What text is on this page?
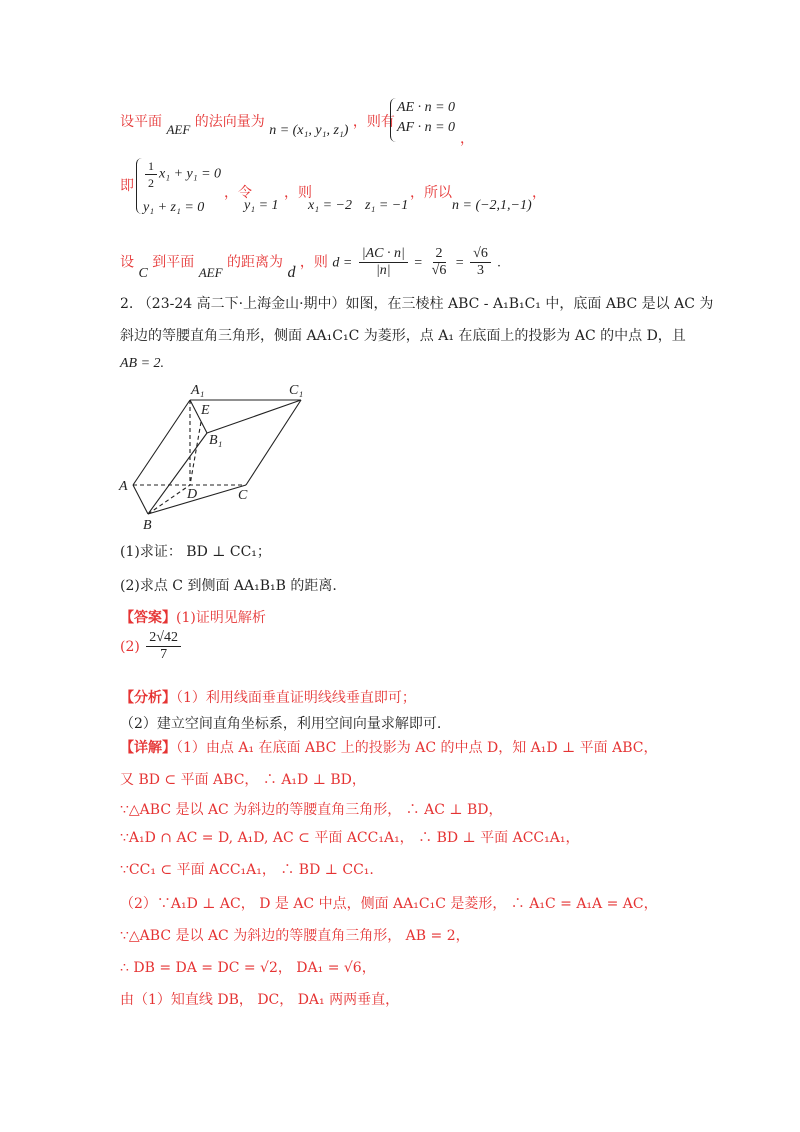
设平面 AEF 的法向量为 n = (x₁, y₁, z₁) ，则有
AE · n = 0
AF · n = 0
，
即 $\frac{1}{2} x_1 + y_1 = 0$
y₁ + z₁ = 0
，令
y₁ = 1
，则
x₁ = −2 z₁ = −1
，所以
n = (−2,1,−1)
，
设 C 到平面 AEF 的距离为 d ，则 $d = \frac{|AC \cdot n|}{|n|} = \frac{2}{√6} = \frac{√6}{3}$ .
2. （23-24 高二下·上海金山·期中）如图，在三棱柱 ABC - A₁B₁C₁ 中，底面 ABC 是以 AC 为
斜边的等腰直角三角形，侧面 AA₁C₁C 为菱形，点 A₁ 在底面上的投影为 AC 的中点 D，且
AB = 2.
A₁	C₁
E
B₁
A
D	C
B
(1)求证： BD ⊥ CC₁；
(2)求点 C 到侧面 AA₁B₁B 的距离.
【答案】(1)证明见解析
$(2) \frac{2√42}{7}$
【分析】（1）利用线面垂直证明线线垂直即可；
（2）建立空间直角坐标系，利用空间向量求解即可.
【详解】（1）由点 A₁ 在底面 ABC 上的投影为 AC 的中点 D，知 A₁D ⊥ 平面 ABC，
又 BD ⊂ 平面 ABC， ∴ A₁D ⊥ BD，
∵△ABC 是以 AC 为斜边的等腰直角三角形， ∴ AC ⊥ BD，
∵A₁D ∩ AC = D, A₁D, AC ⊂ 平面 ACC₁A₁， ∴ BD ⊥ 平面 ACC₁A₁，
∵CC₁ ⊂ 平面 ACC₁A₁， ∴ BD ⊥ CC₁.
（2）∵A₁D ⊥ AC， D 是 AC 中点，侧面 AA₁C₁C 是菱形， ∴ A₁C = A₁A = AC，
∵△ABC 是以 AC 为斜边的等腰直角三角形， AB = 2，
∴ DB = DA = DC = √2， DA₁ = √6，
由（1）知直线 DB， DC， DA₁ 两两垂直，
